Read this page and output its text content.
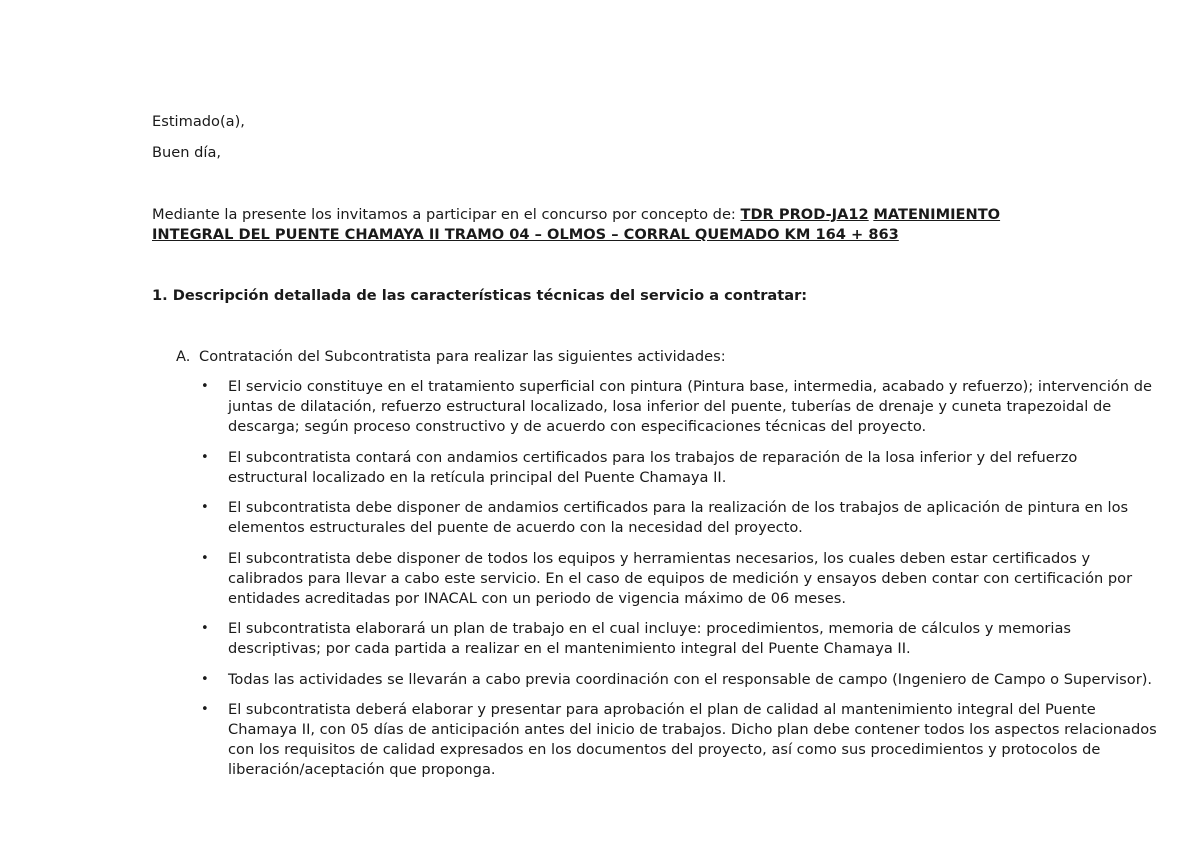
Estimado(a),

Buen día,

Mediante la presente los invitamos a participar en el concurso por concepto de: TDR PROD-JA12 MATENIMIENTO INTEGRAL DEL PUENTE CHAMAYA II TRAMO 04 – OLMOS – CORRAL QUEMADO KM 164 + 863

1. Descripción detallada de las características técnicas del servicio a contratar:

A. Contratación del Subcontratista para realizar las siguientes actividades:

• El servicio constituye en el tratamiento superficial con pintura (Pintura base, intermedia, acabado y refuerzo); intervención de juntas de dilatación, refuerzo estructural localizado, losa inferior del puente, tuberías de drenaje y cuneta trapezoidal de descarga; según proceso constructivo y de acuerdo con especificaciones técnicas del proyecto.
• El subcontratista contará con andamios certificados para los trabajos de reparación de la losa inferior y del refuerzo estructural localizado en la retícula principal del Puente Chamaya II.
• El subcontratista debe disponer de andamios certificados para la realización de los trabajos de aplicación de pintura en los elementos estructurales del puente de acuerdo con la necesidad del proyecto.
• El subcontratista debe disponer de todos los equipos y herramientas necesarios, los cuales deben estar certificados y calibrados para llevar a cabo este servicio. En el caso de equipos de medición y ensayos deben contar con certificación por entidades acreditadas por INACAL con un periodo de vigencia máximo de 06 meses.
• El subcontratista elaborará un plan de trabajo en el cual incluye: procedimientos, memoria de cálculos y memorias descriptivas; por cada partida a realizar en el mantenimiento integral del Puente Chamaya II.
• Todas las actividades se llevarán a cabo previa coordinación con el responsable de campo (Ingeniero de Campo o Supervisor).
• El subcontratista deberá elaborar y presentar para aprobación el plan de calidad al mantenimiento integral del Puente Chamaya II, con 05 días de anticipación antes del inicio de trabajos. Dicho plan debe contener todos los aspectos relacionados con los requisitos de calidad expresados en los documentos del proyecto, así como sus procedimientos y protocolos de liberación/aceptación que proponga.
